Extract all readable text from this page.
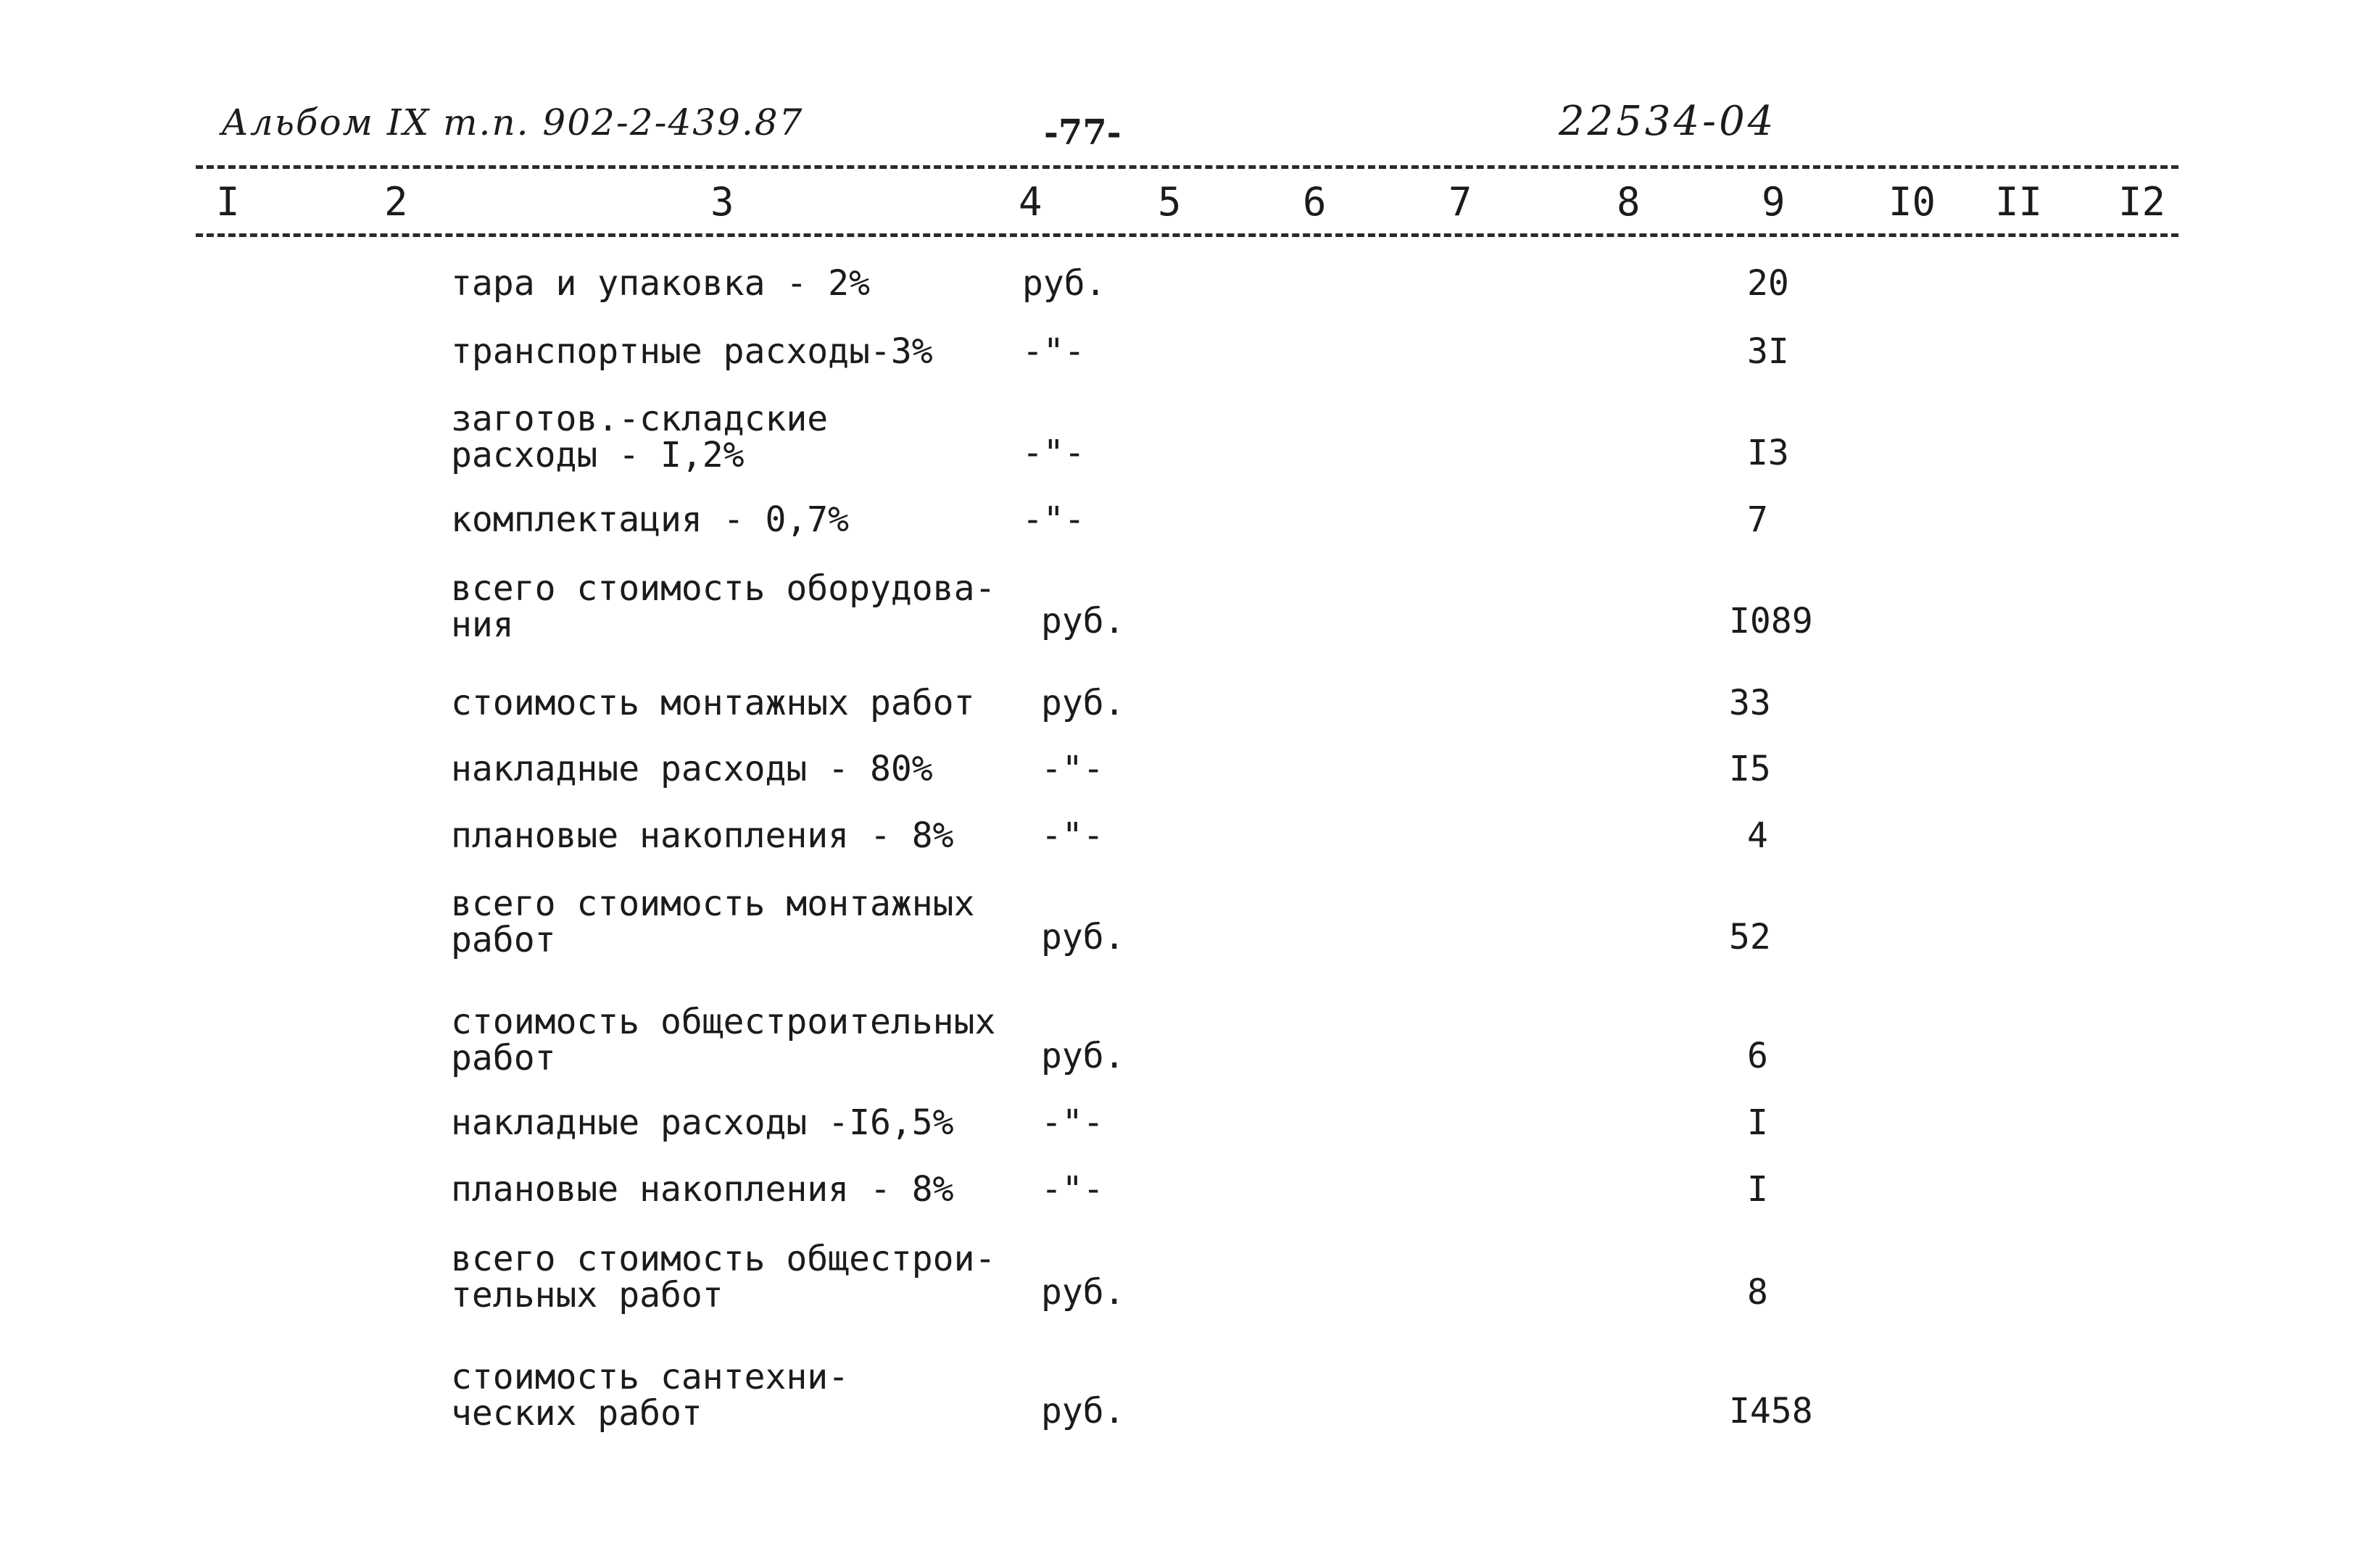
Альбом IX т.п. 902-2-439.87	-77-	22534-04
I	2	3	4	5	6	7	8	9	I0 II I2
тара и упаковка - 2%	руб.	20
транспортные расходы-3%	-"-	3I
заготов.-складские
расходы - I,2%	-"-	I3
комплектация - 0,7%	-"-	7
всего стоимость оборудова-
ния	руб.	I089
стоимость монтажных работ	руб.	33
накладные расходы - 80%	-"-	I5
плановые накопления - 8%	-"-	4
всего стоимость монтажных
работ	руб.	52
стоимость общестроительных
работ	руб.	6
накладные расходы -I6,5%	-"-	I
плановые накопления - 8%	-"-	I
всего стоимость общестрои-
тельных работ	руб.	8
стоимость сантехни-
ческих работ	руб.	I458
